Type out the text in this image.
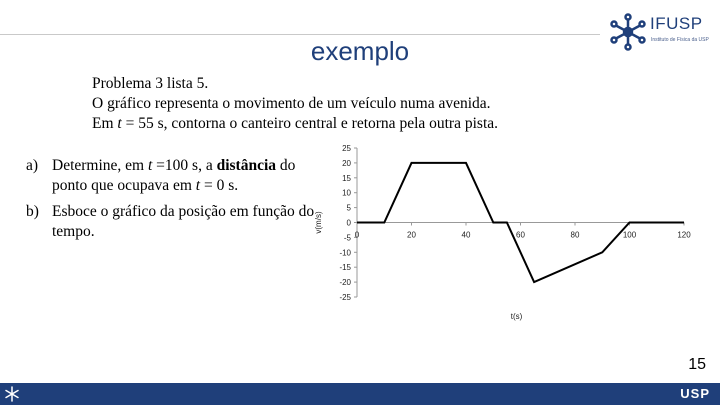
exemplo
IFUSP
Instituto de Física da USP

Problema 3 lista 5.

O gráfico representa o movimento de um veículo numa avenida.

Em t = 55 s, contorna o canteiro central e retorna pela outra pista.

a) Determine, em t =100 s, a distância do ponto que ocupava em t = 0 s.
b) Esboce o gráfico da posição em função do tempo.
25
20
15
10
5
0
-5
-10
-15
-20
-25
0	20	40	60	80	100	120
t(s)
v(m/s)
15
USP
